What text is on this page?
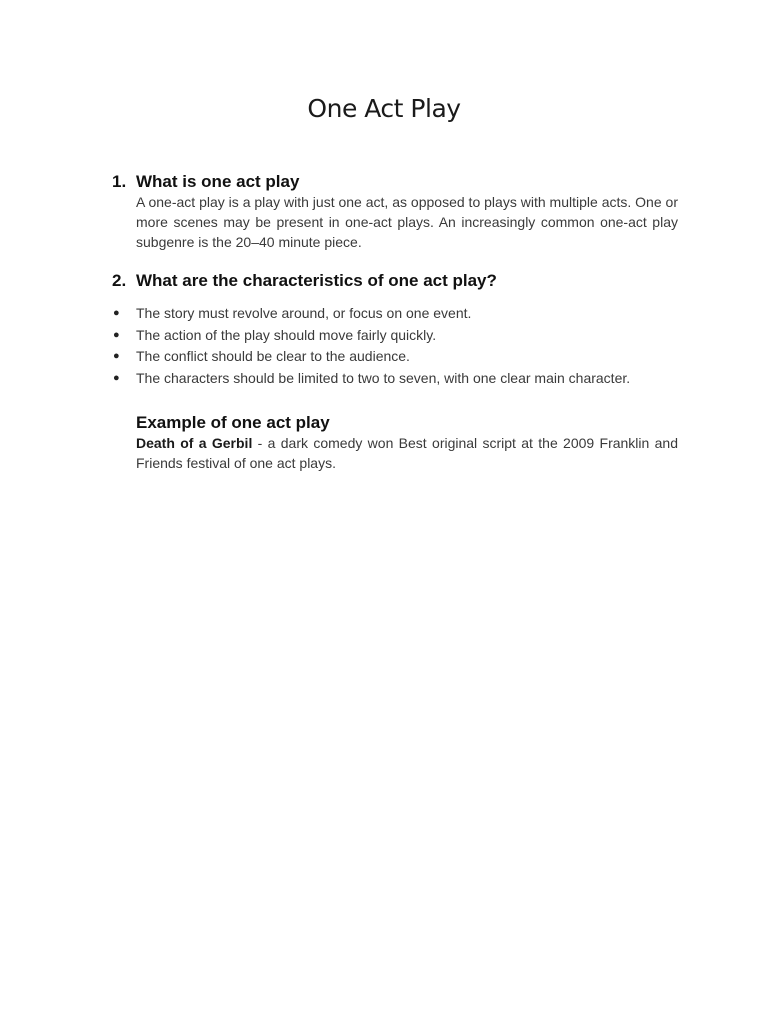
One Act Play
1. What is one act play

A one-act play is a play with just one act, as opposed to plays with multiple acts. One or more scenes may be present in one-act plays. An increasingly common one-act play subgenre is the 20–40 minute piece.

2. What are the characteristics of one act play?
● The story must revolve around, or focus on one event.
● The action of the play should move fairly quickly.
● The conflict should be clear to the audience.
● The characters should be limited to two to seven, with one clear main character.
Example of one act play

Death of a Gerbil - a dark comedy won Best original script at the 2009 Franklin and Friends festival of one act plays.
